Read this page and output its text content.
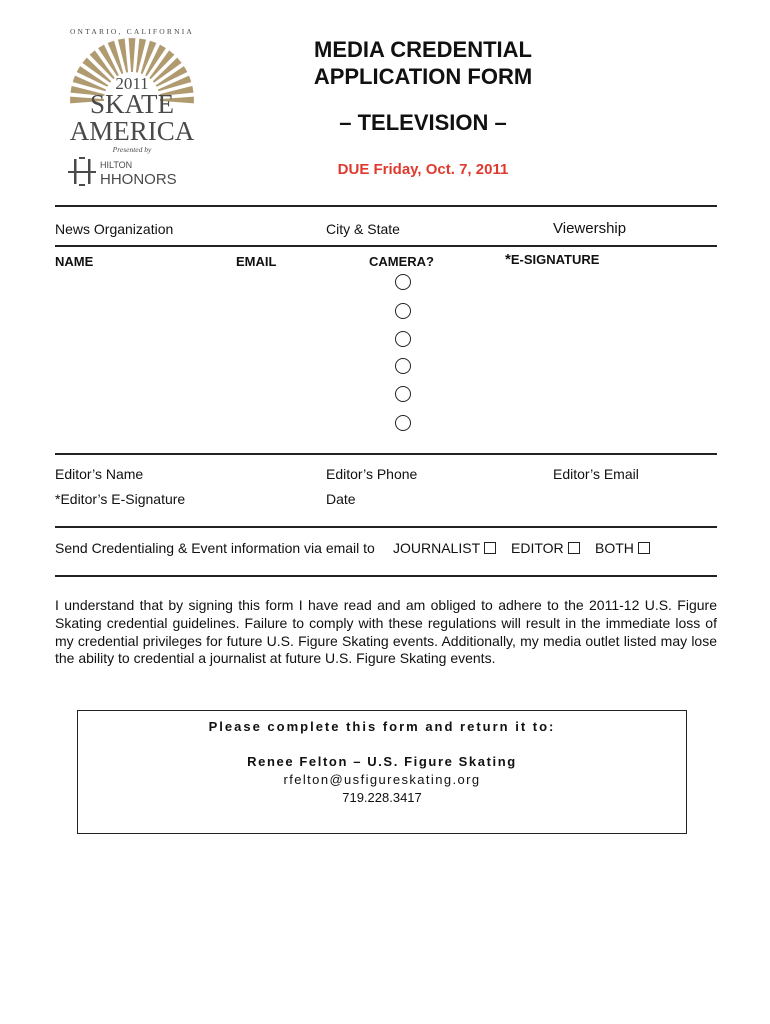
ONTARIO, CALIFORNIA
2011
SKATE
AMERICA
Presented by
HILTON
HHONORS
MEDIA CREDENTIAL
APPLICATION FORM
– TELEVISION –
DUE Friday, Oct. 7, 2011
News Organization	City & State	Viewership
NAME	EMAIL	CAMERA?	*E-SIGNATURE
Editor’s Name	Editor’s Phone	Editor’s Email
*Editor’s E-Signature	Date
Send Credentialing & Event information via email to JOURNALIST	EDITOR	BOTH
I understand that by signing this form I have read and am obliged to adhere to the 2011-12 U.S. Figure Skating credential guidelines. Failure to comply with these regulations will result in the immediate loss of my credential privileges for future U.S. Figure Skating events. Additionally, my media outlet listed may lose the ability to credential a journalist at future U.S. Figure Skating events.
Please complete this form and return it to:
Renee Felton – U.S. Figure Skating
rfelton@usfigureskating.org
719.228.3417
